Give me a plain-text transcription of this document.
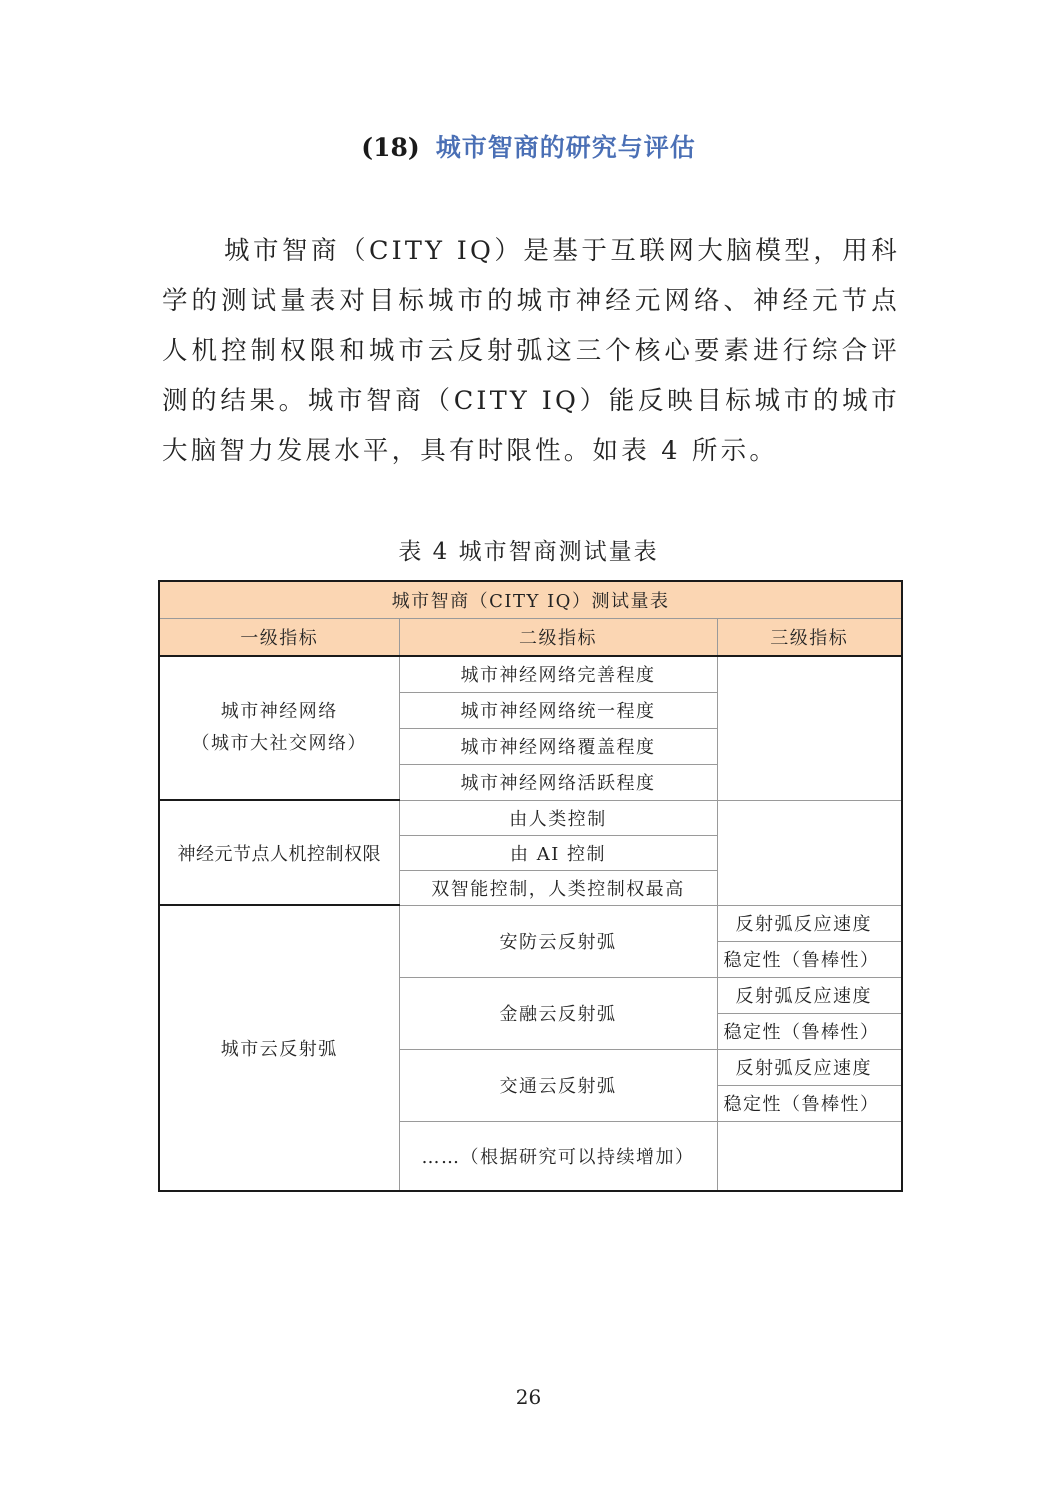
(18) 城市智商的研究与评估

城市智商（CITY IQ）是基于互联网大脑模型，用科学的测试量表对目标城市的城市神经元网络、神经元节点人机控制权限和城市云反射弧这三个核心要素进行综合评测的结果。城市智商（CITY IQ）能反映目标城市的城市大脑智力发展水平，具有时限性。如表 4 所示。

表 4 城市智商测试量表
城市智商（CITY IQ）测试量表		
一级指标	二级指标	三级指标

城市神经网络
（城市大社交网络）	城市神经网络完善程度	
	城市神经网络统一程度	
	城市神经网络覆盖程度	
	城市神经网络活跃程度	
神经元节点人机控制权限	由人类控制	
	由 AI 控制	
	双智能控制，人类控制权最高	
城市云反射弧	安防云反射弧	反射弧反应速度
		稳定性（鲁棒性）
	金融云反射弧	反射弧反应速度
		稳定性（鲁棒性）
	交通云反射弧	反射弧反应速度
		稳定性（鲁棒性）
	……（根据研究可以持续增加）	
26
